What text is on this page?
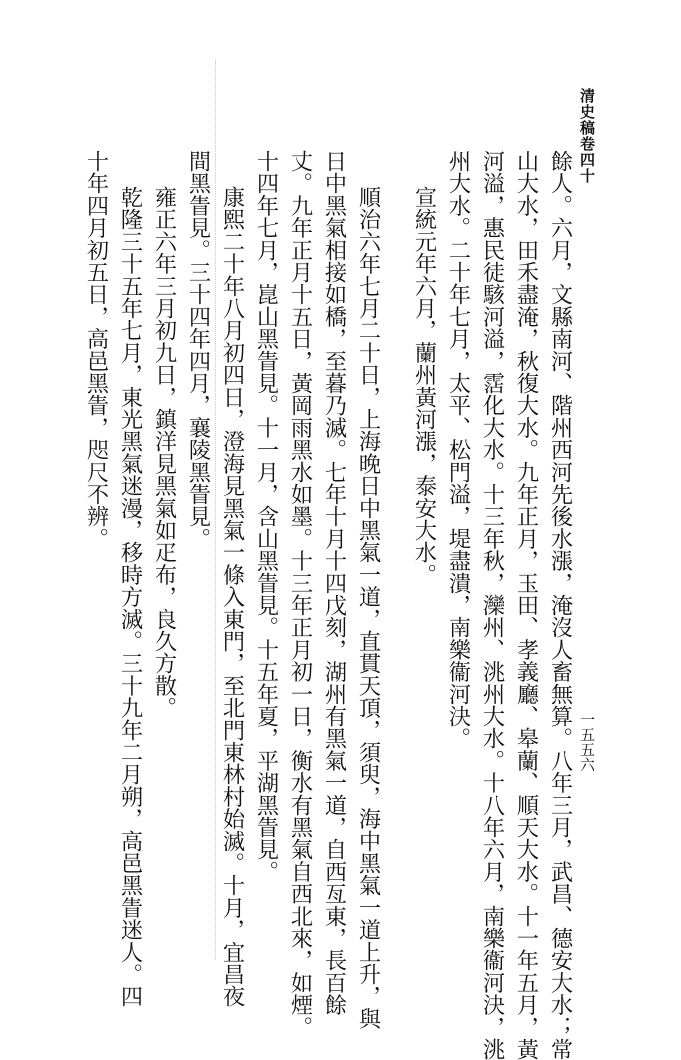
清史稿卷四十
一五五六
餘人。六月，文縣南河、階州西河先後水漲，淹沒人畜無算。八年三月，武昌、德安大水；常
山大水，田禾盡淹，秋復大水。九年正月，玉田、孝義廳、皋蘭、順天大水。十一年五月，黃
河溢，惠民徒駭河溢，霑化大水。十三年秋，灤州、洮州大水。十八年六月，南樂衞河決，洮
州大水。二十年七月，太平、松門溢，堤盡潰，南樂衞河決。
宣統元年六月，蘭州黃河漲，泰安大水。
順治六年七月二十日，上海晚日中黑氣一道，直貫天頂，須臾，海中黑氣一道上升，與
日中黑氣相接如橋，至暮乃滅。七年十月十四戊刻，湖州有黑氣一道，自西亙東，長百餘
丈。九年正月十五日，黃岡雨黑水如墨。十三年正月初一日，衡水有黑氣自西北來，如煙。
十四年七月，崑山黑眚見。十一月，含山黑眚見。十五年夏，平湖黑眚見。
康熙二十年八月初四日，澄海見黑氣一條入東門，至北門東林村始滅。十月，宜昌夜
間黑眚見。三十四年四月，襄陵黑眚見。
雍正六年三月初九日，鎮洋見黑氣如疋布，良久方散。
乾隆三十五年七月，東光黑氣迷漫，移時方滅。三十九年二月朔，高邑黑眚迷人。四
十年四月初五日，高邑黑眚，咫尺不辨。
